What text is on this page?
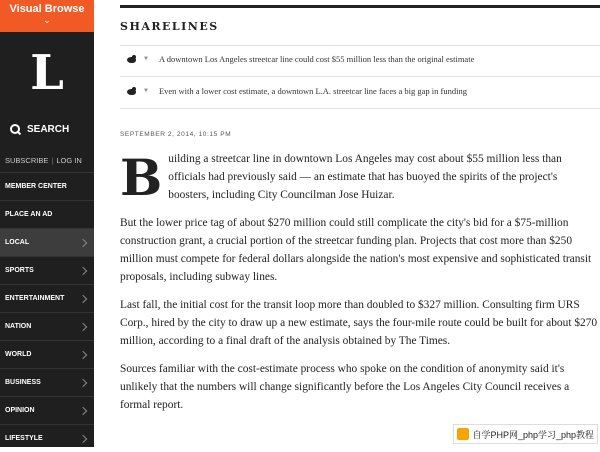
Visual Browse
⌄
L
SEARCH
SUBSCRIBE | LOG IN
MEMBER CENTER
PLACE AN AD
LOCAL
SPORTS
ENTERTAINMENT
NATION
WORLD
BUSINESS
OPINION
LIFESTYLE
SHARELINES
▼ A downtown Los Angeles streetcar line could cost $55 million less than the original estimate
▼ Even with a lower cost estimate, a downtown L.A. streetcar line faces a big gap in funding
SEPTEMBER 2, 2014, 10:15 PM

Building a streetcar line in downtown Los Angeles may cost about $55 million less than officials had previously said — an estimate that has buoyed the spirits of the project's boosters, including City Councilman Jose Huizar.

But the lower price tag of about $270 million could still complicate the city's bid for a $75-million construction grant, a crucial portion of the streetcar funding plan. Projects that cost more than $250 million must compete for federal dollars alongside the nation's most expensive and sophisticated transit proposals, including subway lines.

Last fall, the initial cost for the transit loop more than doubled to $327 million. Consulting firm URS Corp., hired by the city to draw up a new estimate, says the four-mile route could be built for about $270 million, according to a final draft of the analysis obtained by The Times.

Sources familiar with the cost-estimate process who spoke on the condition of anonymity said it's unlikely that the numbers will change significantly before the Los Angeles City Council receives a formal report.

自学PHP网_php学习_php教程
